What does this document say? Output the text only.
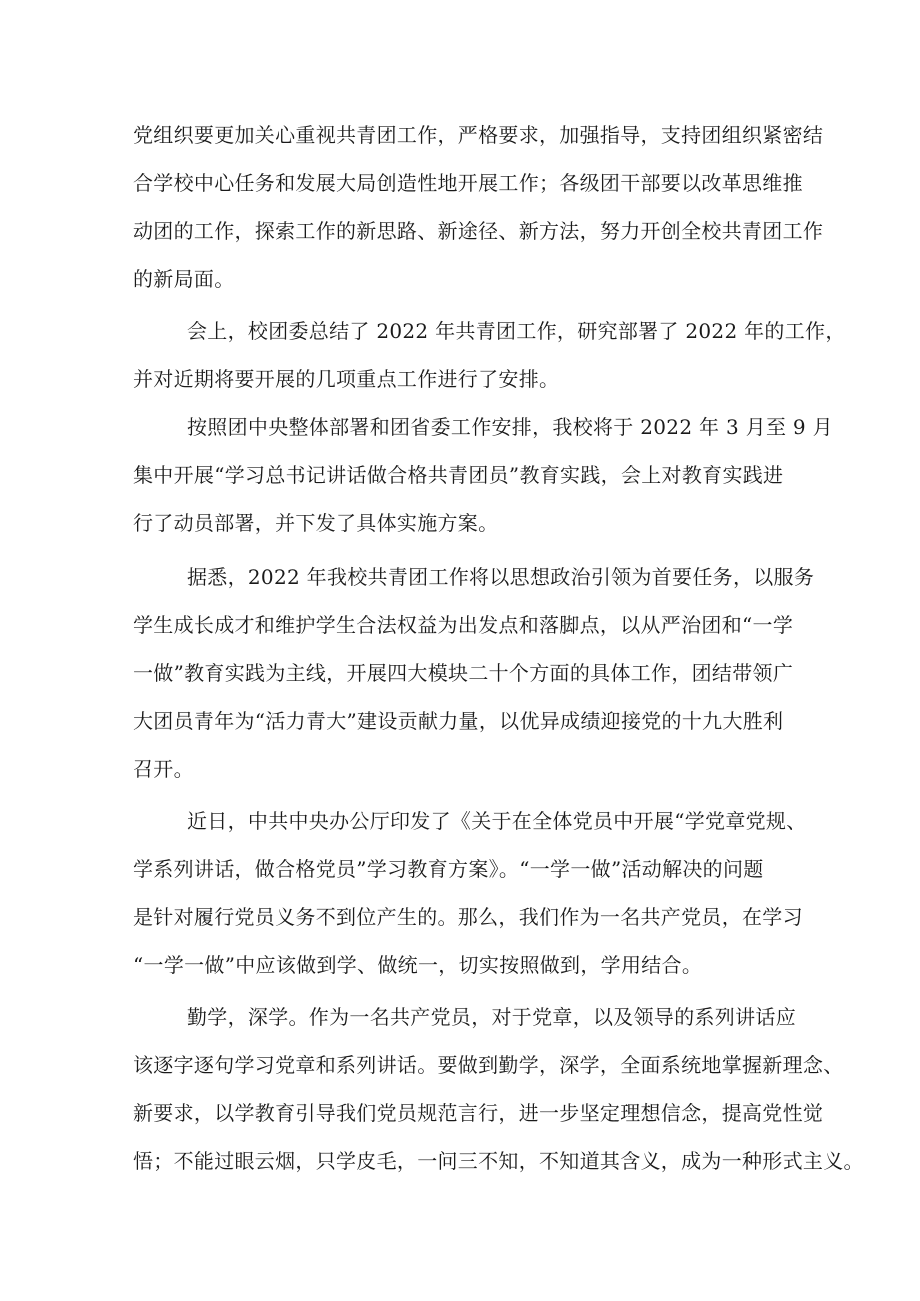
党组织要更加关心重视共青团工作，严格要求，加强指导，支持团组织紧密结
合学校中心任务和发展大局创造性地开展工作；各级团干部要以改革思维推
动团的工作，探索工作的新思路、新途径、新方法，努力开创全校共青团工作
的新局面。
会上，校团委总结了 2022 年共青团工作，研究部署了 2022 年的工作，
并对近期将要开展的几项重点工作进行了安排。
按照团中央整体部署和团省委工作安排，我校将于 2022 年 3 月至 9 月
集中开展“学习总书记讲话做合格共青团员”教育实践，会上对教育实践进
行了动员部署，并下发了具体实施方案。
据悉，2022 年我校共青团工作将以思想政治引领为首要任务，以服务
学生成长成才和维护学生合法权益为出发点和落脚点，以从严治团和“一学
一做”教育实践为主线，开展四大模块二十个方面的具体工作，团结带领广
大团员青年为“活力青大”建设贡献力量，以优异成绩迎接党的十九大胜利
召开。
近日，中共中央办公厅印发了《关于在全体党员中开展“学党章党规、
学系列讲话，做合格党员”学习教育方案》。“一学一做”活动解决的问题
是针对履行党员义务不到位产生的。那么，我们作为一名共产党员，在学习
“一学一做”中应该做到学、做统一，切实按照做到，学用结合。
勤学，深学。作为一名共产党员，对于党章，以及领导的系列讲话应
该逐字逐句学习党章和系列讲话。要做到勤学，深学，全面系统地掌握新理念、
新要求，以学教育引导我们党员规范言行，进一步坚定理想信念，提高党性觉
悟；不能过眼云烟，只学皮毛，一问三不知，不知道其含义，成为一种形式主义。
